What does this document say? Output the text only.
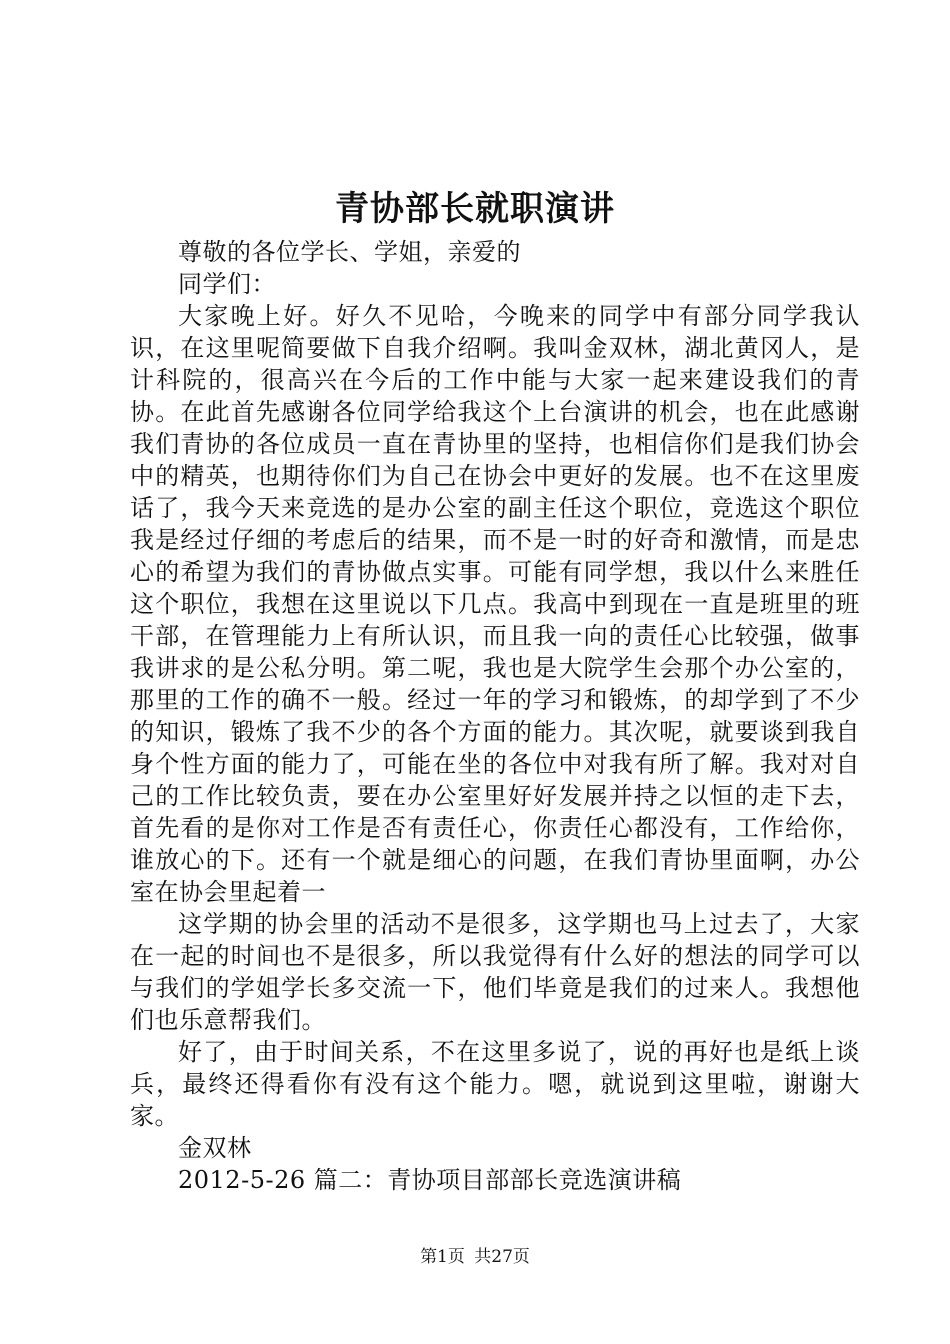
青协部长就职演讲

尊敬的各位学长、学姐，亲爱的

同学们：

大家晚上好。好久不见哈，今晚来的同学中有部分同学我认识，在这里呢简要做下自我介绍啊。我叫金双林，湖北黄冈人，是计科院的，很高兴在今后的工作中能与大家一起来建设我们的青协。在此首先感谢各位同学给我这个上台演讲的机会，也在此感谢我们青协的各位成员一直在青协里的坚持，也相信你们是我们协会中的精英，也期待你们为自己在协会中更好的发展。也不在这里废话了，我今天来竞选的是办公室的副主任这个职位，竞选这个职位我是经过仔细的考虑后的结果，而不是一时的好奇和激情，而是忠心的希望为我们的青协做点实事。可能有同学想，我以什么来胜任这个职位，我想在这里说以下几点。我高中到现在一直是班里的班干部，在管理能力上有所认识，而且我一向的责任心比较强，做事我讲求的是公私分明。第二呢，我也是大院学生会那个办公室的，那里的工作的确不一般。经过一年的学习和锻炼，的却学到了不少的知识，锻炼了我不少的各个方面的能力。其次呢，就要谈到我自身个性方面的能力了，可能在坐的各位中对我有所了解。我对对自己的工作比较负责，要在办公室里好好发展并持之以恒的走下去，首先看的是你对工作是否有责任心，你责任心都没有，工作给你，谁放心的下。还有一个就是细心的问题，在我们青协里面啊，办公室在协会里起着一

这学期的协会里的活动不是很多，这学期也马上过去了，大家在一起的时间也不是很多，所以我觉得有什么好的想法的同学可以与我们的学姐学长多交流一下，他们毕竟是我们的过来人。我想他们也乐意帮我们。

好了，由于时间关系，不在这里多说了，说的再好也是纸上谈兵，最终还得看你有没有这个能力。嗯，就说到这里啦，谢谢大家。

金双林

2012-5-26 篇二：青协项目部部长竞选演讲稿

第1页 共27页
